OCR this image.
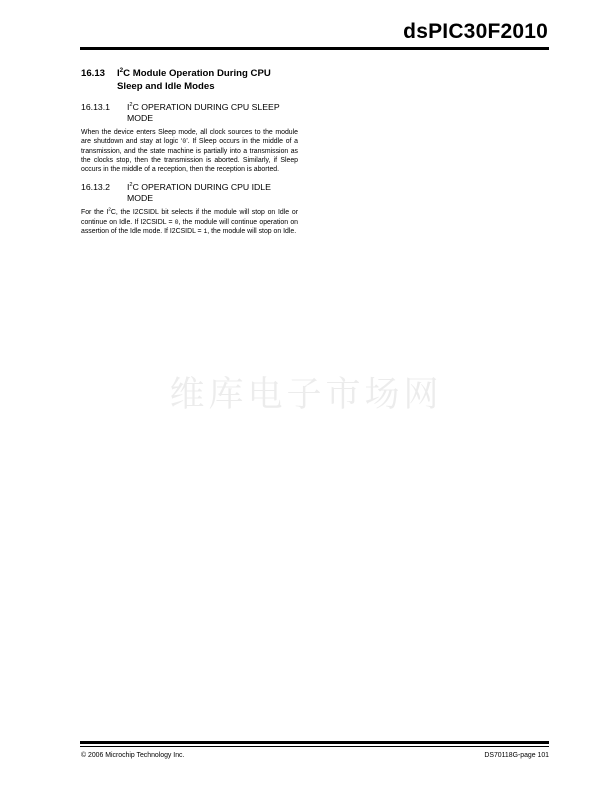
dsPIC30F2010
16.13	$I^2C$ Module Operation During CPU Sleep and Idle Modes
16.13.1	$I^2C$ OPERATION DURING CPU SLEEP MODE

When the device enters Sleep mode, all clock sources to the module are shutdown and stay at logic ‘0’. If Sleep occurs in the middle of a transmission, and the state machine is partially into a transmission as the clocks stop, then the transmission is aborted. Similarly, if Sleep occurs in the middle of a reception, then the reception is aborted.

16.13.2	$I^2C$ OPERATION DURING CPU IDLE MODE

For the $I^2C$, the I2CSIDL bit selects if the module will stop on Idle or continue on Idle. If I2CSIDL = 0, the module will continue operation on assertion of the Idle mode. If I2CSIDL = 1, the module will stop on Idle.

维库电子市场网
© 2006 Microchip Technology Inc.	DS70118G-page 101
